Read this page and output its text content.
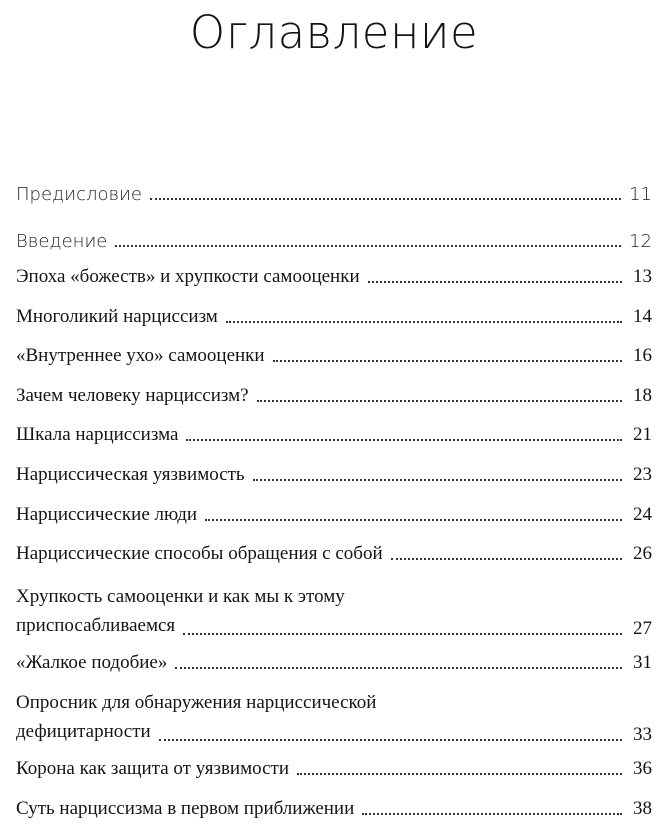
Оглавление
Предисловие	11
Введение	12
Эпоха «божеств» и хрупкости самооценки	13
Многоликий нарциссизм	14
«Внутреннее ухо» самооценки	16
Зачем человеку нарциссизм?	18
Шкала нарциссизма	21
Нарциссическая уязвимость	23
Нарциссические люди	24
Нарциссические способы обращения с собой	26
Хрупкость самооценки и как мы к этому
приспосабливаемся	27
«Жалкое подобие»	31
Опросник для обнаружения нарциссической
дефицитарности	33
Корона как защита от уязвимости	36
Суть нарциссизма в первом приближении	38
